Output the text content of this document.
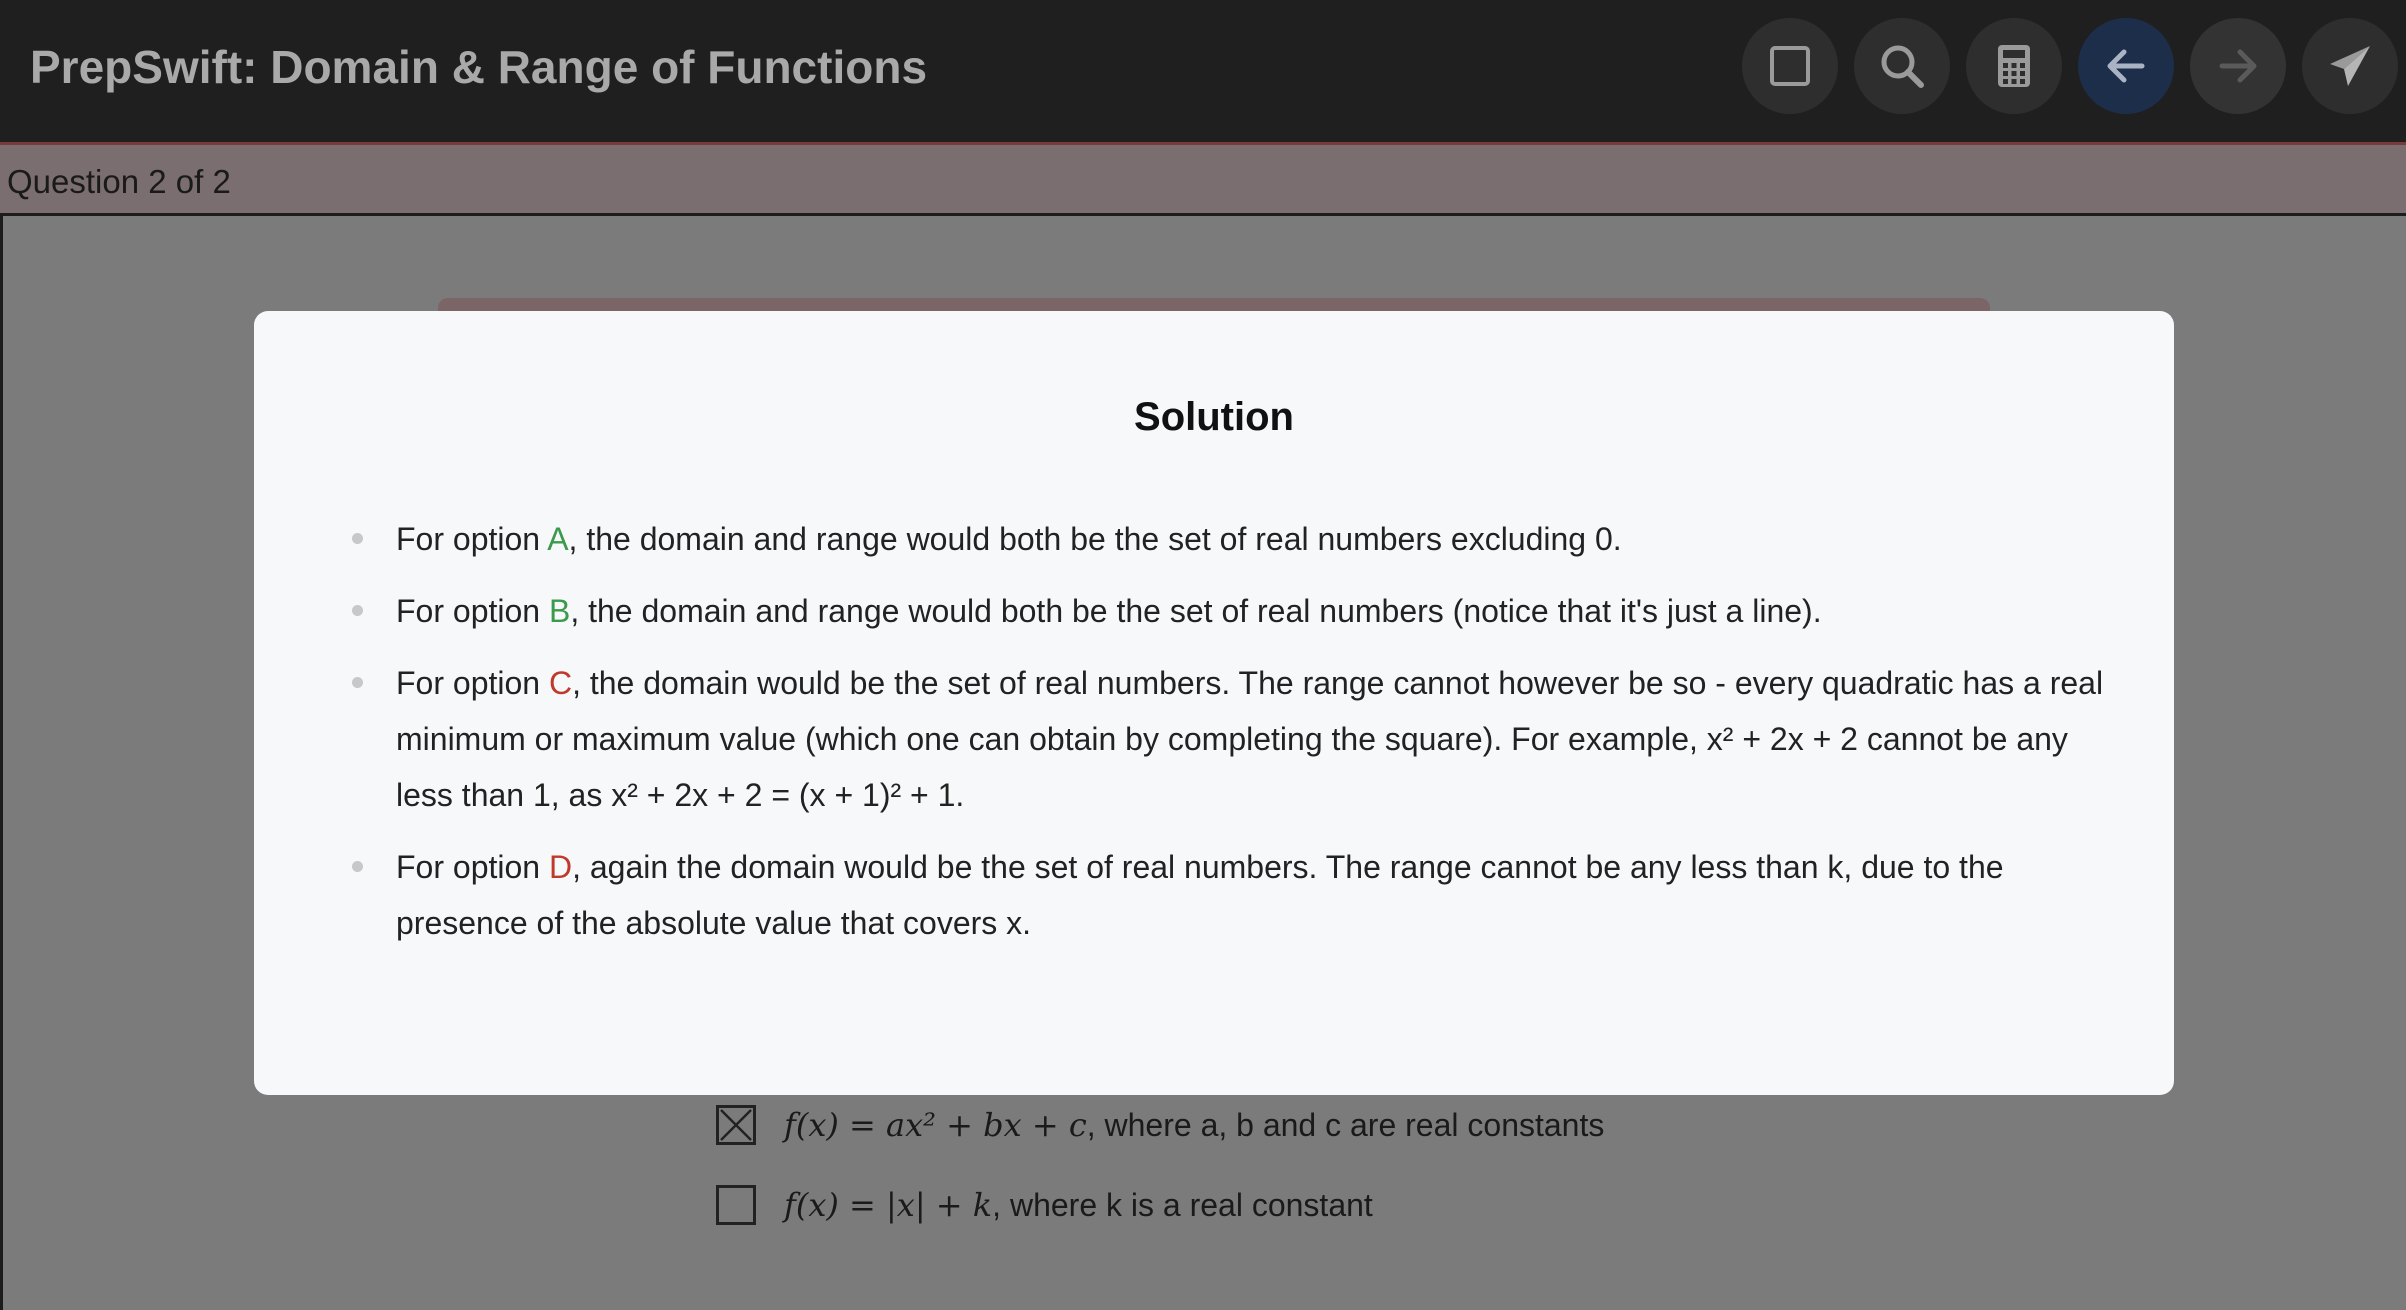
PrepSwift: Domain & Range of Functions
Question 2 of 2
f(x) = ax² + bx + c , where a, b and c are real constants
f(x) = |x| + k , where k is a real constant
Solution
For option A, the domain and range would both be the set of real numbers excluding 0.
For option B, the domain and range would both be the set of real numbers (notice that it's just a line).
For option C, the domain would be the set of real numbers. The range cannot however be so - every quadratic has a real minimum or maximum value (which one can obtain by completing the square). For example, x² + 2x + 2 cannot be any less than 1, as x² + 2x + 2 = (x + 1)² + 1.
For option D, again the domain would be the set of real numbers. The range cannot be any less than k, due to the presence of the absolute value that covers x.
